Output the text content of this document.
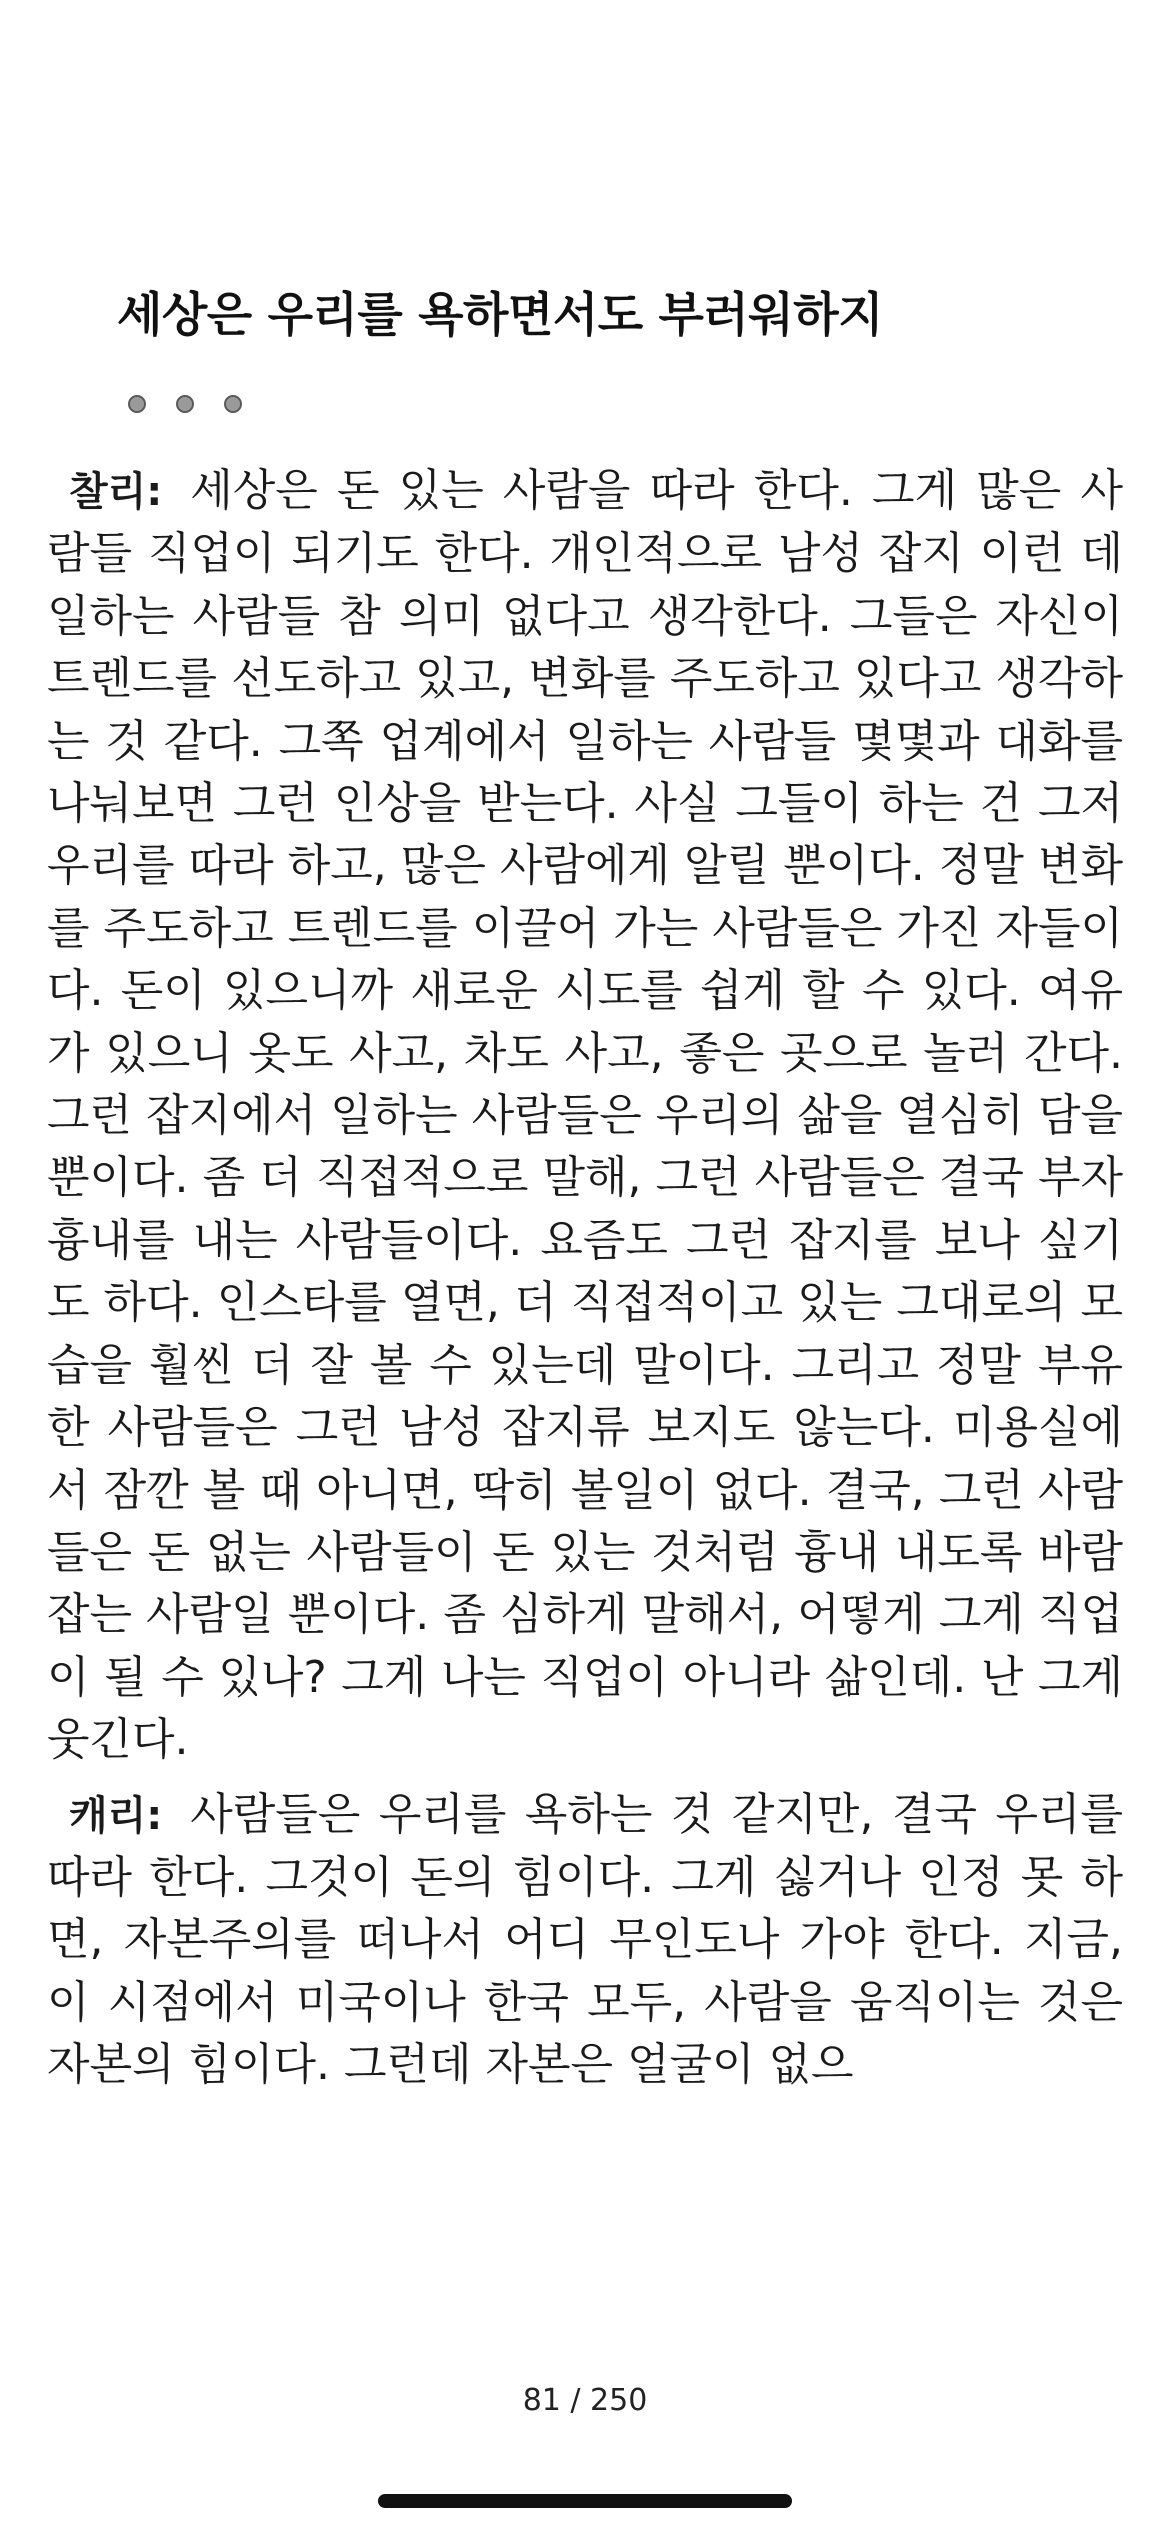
세상은 우리를 욕하면서도 부러워하지

찰리: 세상은 돈 있는 사람을 따라 한다. 그게 많은 사람들 직업이 되기도 한다. 개인적으로 남성 잡지 이런 데 일하는 사람들 참 의미 없다고 생각한다. 그들은 자신이 트렌드를 선도하고 있고, 변화를 주도하고 있다고 생각하는 것 같다. 그쪽 업계에서 일하는 사람들 몇몇과 대화를 나눠보면 그런 인상을 받는다. 사실 그들이 하는 건 그저 우리를 따라 하고, 많은 사람에게 알릴 뿐이다. 정말 변화를 주도하고 트렌드를 이끌어 가는 사람들은 가진 자들이다. 돈이 있으니까 새로운 시도를 쉽게 할 수 있다. 여유가 있으니 옷도 사고, 차도 사고, 좋은 곳으로 놀러 간다. 그런 잡지에서 일하는 사람들은 우리의 삶을 열심히 담을 뿐이다. 좀 더 직접적으로 말해, 그런 사람들은 결국 부자 흉내를 내는 사람들이다. 요즘도 그런 잡지를 보나 싶기도 하다. 인스타를 열면, 더 직접적이고 있는 그대로의 모습을 훨씬 더 잘 볼 수 있는데 말이다. 그리고 정말 부유한 사람들은 그런 남성 잡지류 보지도 않는다. 미용실에서 잠깐 볼 때 아니면, 딱히 볼일이 없다. 결국, 그런 사람들은 돈 없는 사람들이 돈 있는 것처럼 흉내 내도록 바람 잡는 사람일 뿐이다. 좀 심하게 말해서, 어떻게 그게 직업이 될 수 있나? 그게 나는 직업이 아니라 삶인데. 난 그게 웃긴다.

캐리: 사람들은 우리를 욕하는 것 같지만, 결국 우리를 따라 한다. 그것이 돈의 힘이다. 그게 싫거나 인정 못 하면, 자본주의를 떠나서 어디 무인도나 가야 한다. 지금, 이 시점에서 미국이나 한국 모두, 사람을 움직이는 것은 자본의 힘이다. 그런데 자본은 얼굴이 없으

81 / 250
